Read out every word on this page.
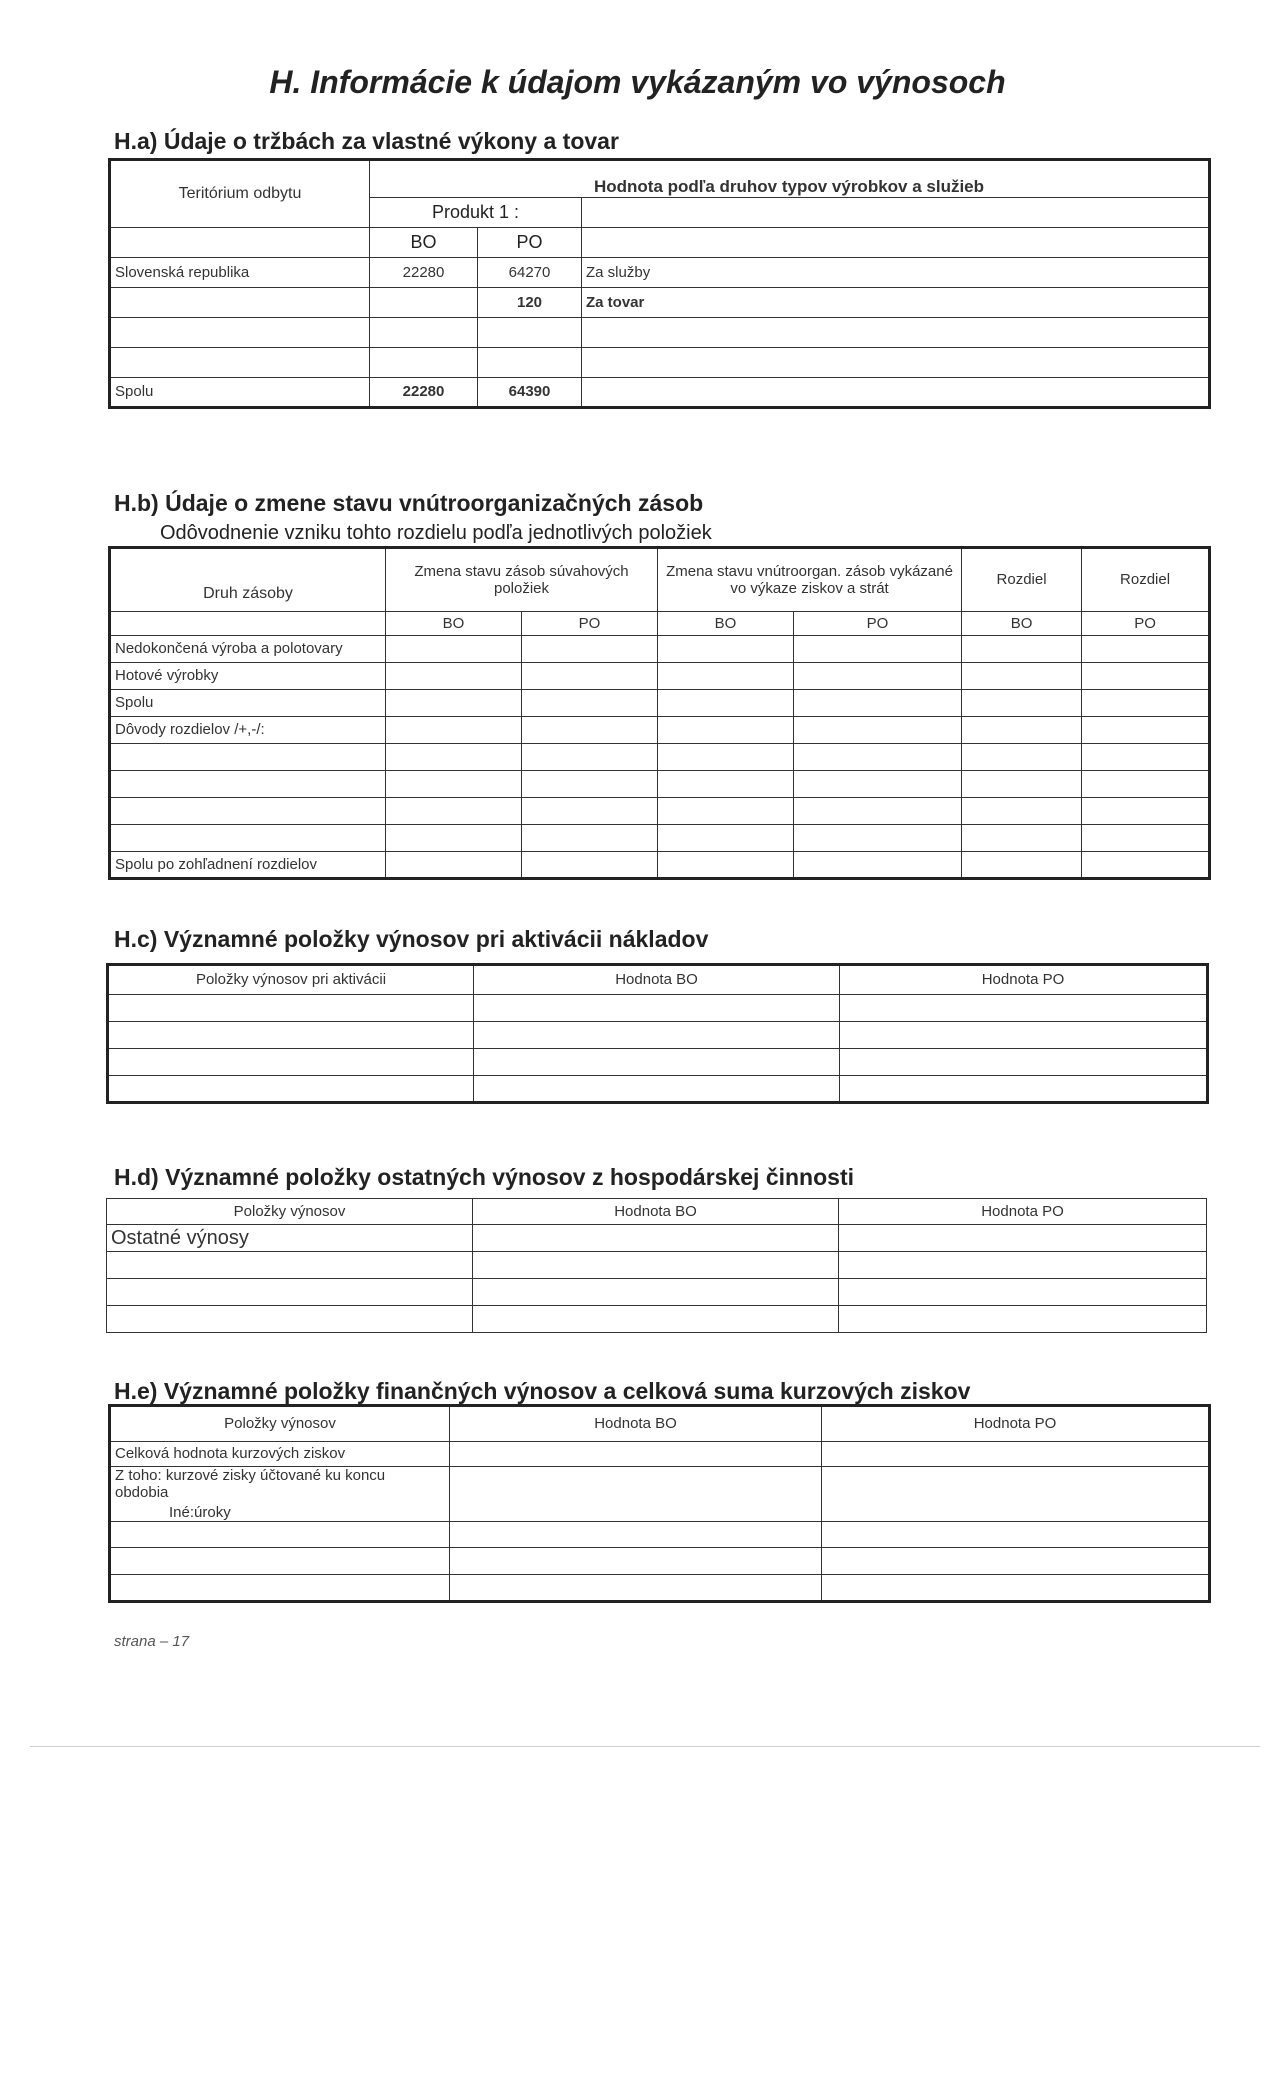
H. Informácie k údajom vykázaným vo výnosoch
H.a) Údaje o tržbách za vlastné výkony a tovar
Teritórium odbytu	Hodnota podľa druhov typov výrobkov a služieb		
	Produkt 1 :		
	BO	PO	
Slovenská republika	22280	64270	Za služby
		120	Za tovar

Spolu	22280	64390	
H.b) Údaje o zmene stavu vnútroorganizačných zásob
Odôvodnenie vzniku tohto rozdielu podľa jednotlivých položiek
Druh zásoby	Zmena stavu zásob súvahových položiek		Zmena stavu vnútroorgan. zásob vykázané vo výkaze ziskov a strát		Rozdiel	Rozdiel
	BO	PO	BO	PO	BO	PO
Nedokončená výroba a polotovary						
Hotové výrobky						
Spolu						
Dôvody rozdielov /+,-/:						

Spolu po zohľadnení rozdielov						
H.c) Významné položky výnosov pri aktivácii nákladov
Položky výnosov pri aktivácii	Hodnota BO	Hodnota PO

H.d) Významné položky ostatných výnosov z hospodárskej činnosti
Položky výnosov	Hodnota BO	Hodnota PO
Ostatné výnosy		

H.e) Významné položky finančných výnosov a celková suma kurzových ziskov
Položky výnosov	Hodnota BO	Hodnota PO
Celková hodnota kurzových ziskov		

Z toho: kurzové zisky účtované ku koncu obdobia
Iné:úroky		

strana – 17
